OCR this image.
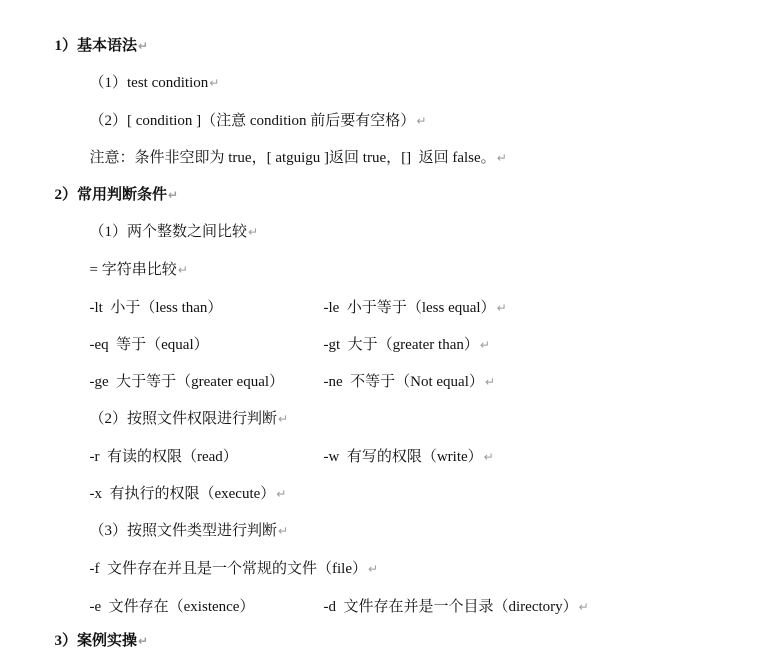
1）基本语法↵

（1）test condition↵

（2）[ condition ]（注意 condition 前后要有空格）↵

注意：条件非空即为 true，[ atguigu ]返回 true，[]  返回 false。↵

2）常用判断条件↵

（1）两个整数之间比较↵

= 字符串比较↵

-lt  小于（less than）	-le  小于等于（less equal）↵

-eq  等于（equal）	-gt  大于（greater than）↵

-ge  大于等于（greater equal）	-ne  不等于（Not equal）↵

（2）按照文件权限进行判断↵

-r  有读的权限（read）	-w  有写的权限（write）↵

-x  有执行的权限（execute）↵

（3）按照文件类型进行判断↵

-f  文件存在并且是一个常规的文件（file）↵

-e  文件存在（existence）	-d  文件存在并是一个目录（directory）↵

3）案例实操↵
